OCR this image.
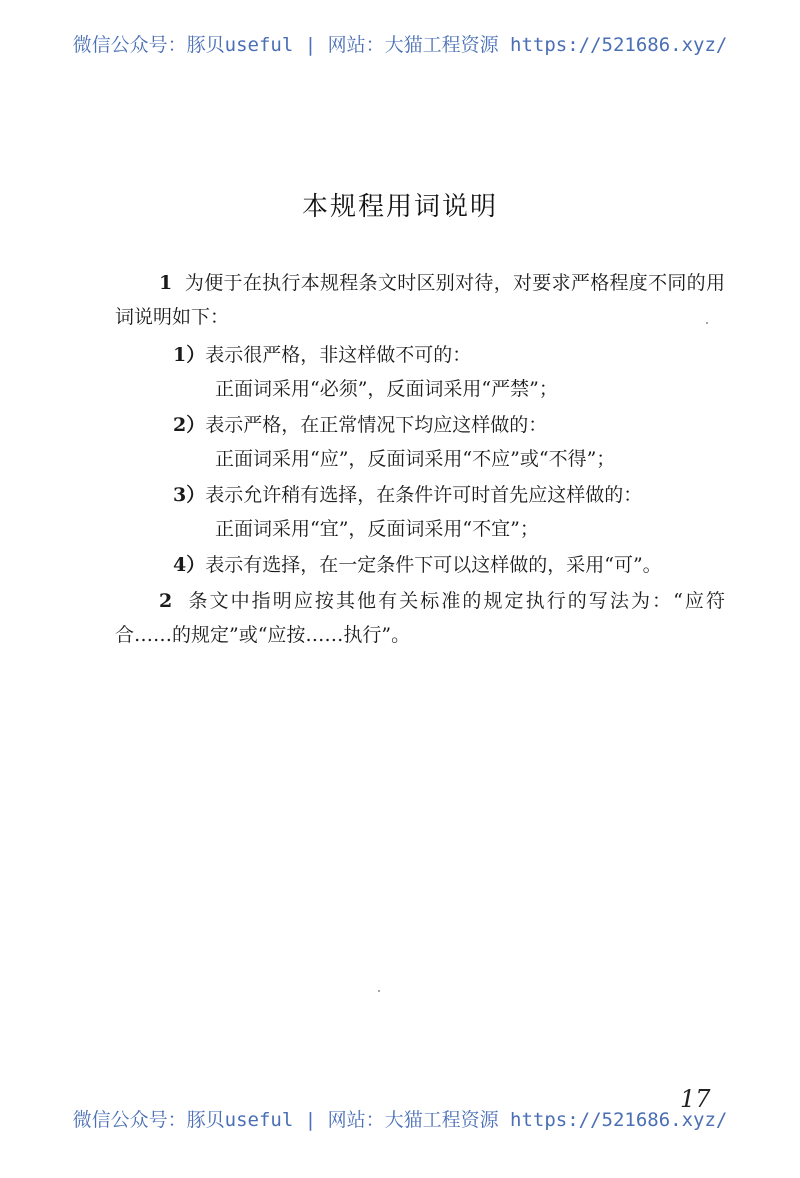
微信公众号：豚贝useful | 网站：大猫工程资源 https://521686.xyz/
本规程用词说明

1 为便于在执行本规程条文时区别对待，对要求严格程度不同的用词说明如下：

1）表示很严格，非这样做不可的：
正面词采用“必须”，反面词采用“严禁”；
2）表示严格，在正常情况下均应这样做的：
正面词采用“应”，反面词采用“不应”或“不得”；
3）表示允许稍有选择，在条件许可时首先应这样做的：
正面词采用“宜”，反面词采用“不宜”；
4）表示有选择，在一定条件下可以这样做的，采用“可”。

2 条文中指明应按其他有关标准的规定执行的写法为：“应符合……的规定”或“应按……执行”。

17
微信公众号：豚贝useful | 网站：大猫工程资源 https://521686.xyz/
